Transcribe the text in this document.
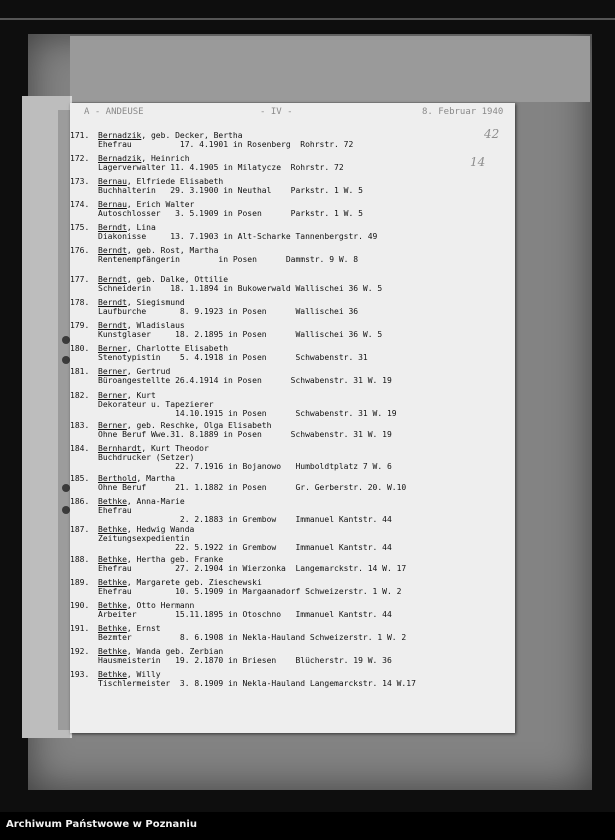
A - ANDEUSE	- IV -	8. Februar 1940
42
14
171. Bernadzik, geb. Decker, Bertha
Ehefrau          17. 4.1901 in Rosenberg  Rohrstr. 72
172. Bernadzik, Heinrich
Lagerverwalter 11. 4.1905 in Milatycze  Rohrstr. 72
173. Bernau, Elfriede Elisabeth
Buchhalterin   29. 3.1900 in Neuthal    Parkstr. 1 W. 5
174. Bernau, Erich Walter
Autoschlosser   3. 5.1909 in Posen      Parkstr. 1 W. 5
175. Berndt, Lina
Diakonisse     13. 7.1903 in Alt-Scharke Tannenbergstr. 49
176. Berndt, geb. Rost, Martha
Rentenempfängerin        in Posen      Dammstr. 9 W. 8
177. Berndt, geb. Dalke, Ottilie
Schneiderin    18. 1.1894 in Bukowerwald Wallischei 36 W. 5
178. Berndt, Siegismund
Laufburche       8. 9.1923 in Posen      Wallischei 36
179. Berndt, Wladislaus
Kunstglaser     18. 2.1895 in Posen      Wallischei 36 W. 5
180. Berner, Charlotte Elisabeth
Stenotypistin    5. 4.1918 in Posen      Schwabenstr. 31
181. Berner, Gertrud
Büroangestellte 26.4.1914 in Posen      Schwabenstr. 31 W. 19
182. Berner, Kurt
Dekorateur u. Tapezierer
14.10.1915 in Posen      Schwabenstr. 31 W. 19
183. Berner, geb. Reschke, Olga Elisabeth
Ohne Beruf Wwe.31. 8.1889 in Posen      Schwabenstr. 31 W. 19
184. Bernhardt, Kurt Theodor
Buchdrucker (Setzer)
22. 7.1916 in Bojanowo   Humboldtplatz 7 W. 6
185. Berthold, Martha
Ohne Beruf      21. 1.1882 in Posen      Gr. Gerberstr. 20. W.10
186. Bethke, Anna-Marie
Ehefrau
2. 2.1883 in Grembow    Immanuel Kantstr. 44
187. Bethke, Hedwig Wanda
Zeitungsexpedientin
22. 5.1922 in Grembow    Immanuel Kantstr. 44
188. Bethke, Hertha geb. Franke
Ehefrau         27. 2.1904 in Wierzonka  Langemarckstr. 14 W. 17
189. Bethke, Margarete geb. Zieschewski
Ehefrau         10. 5.1909 in Margaanadorf Schweizerstr. 1 W. 2
190. Bethke, Otto Hermann
Arbeiter        15.11.1895 in Otoschno   Immanuel Kantstr. 44
191. Bethke, Ernst
Bezmter          8. 6.1908 in Nekla-Hauland Schweizerstr. 1 W. 2
192. Bethke, Wanda geb. Zerbian
Hausmeisterin   19. 2.1870 in Briesen    Blücherstr. 19 W. 36
193. Bethke, Willy
Tischlermeister  3. 8.1909 in Nekla-Hauland Langemarckstr. 14 W.17
Archiwum Państwowe w Poznaniu
